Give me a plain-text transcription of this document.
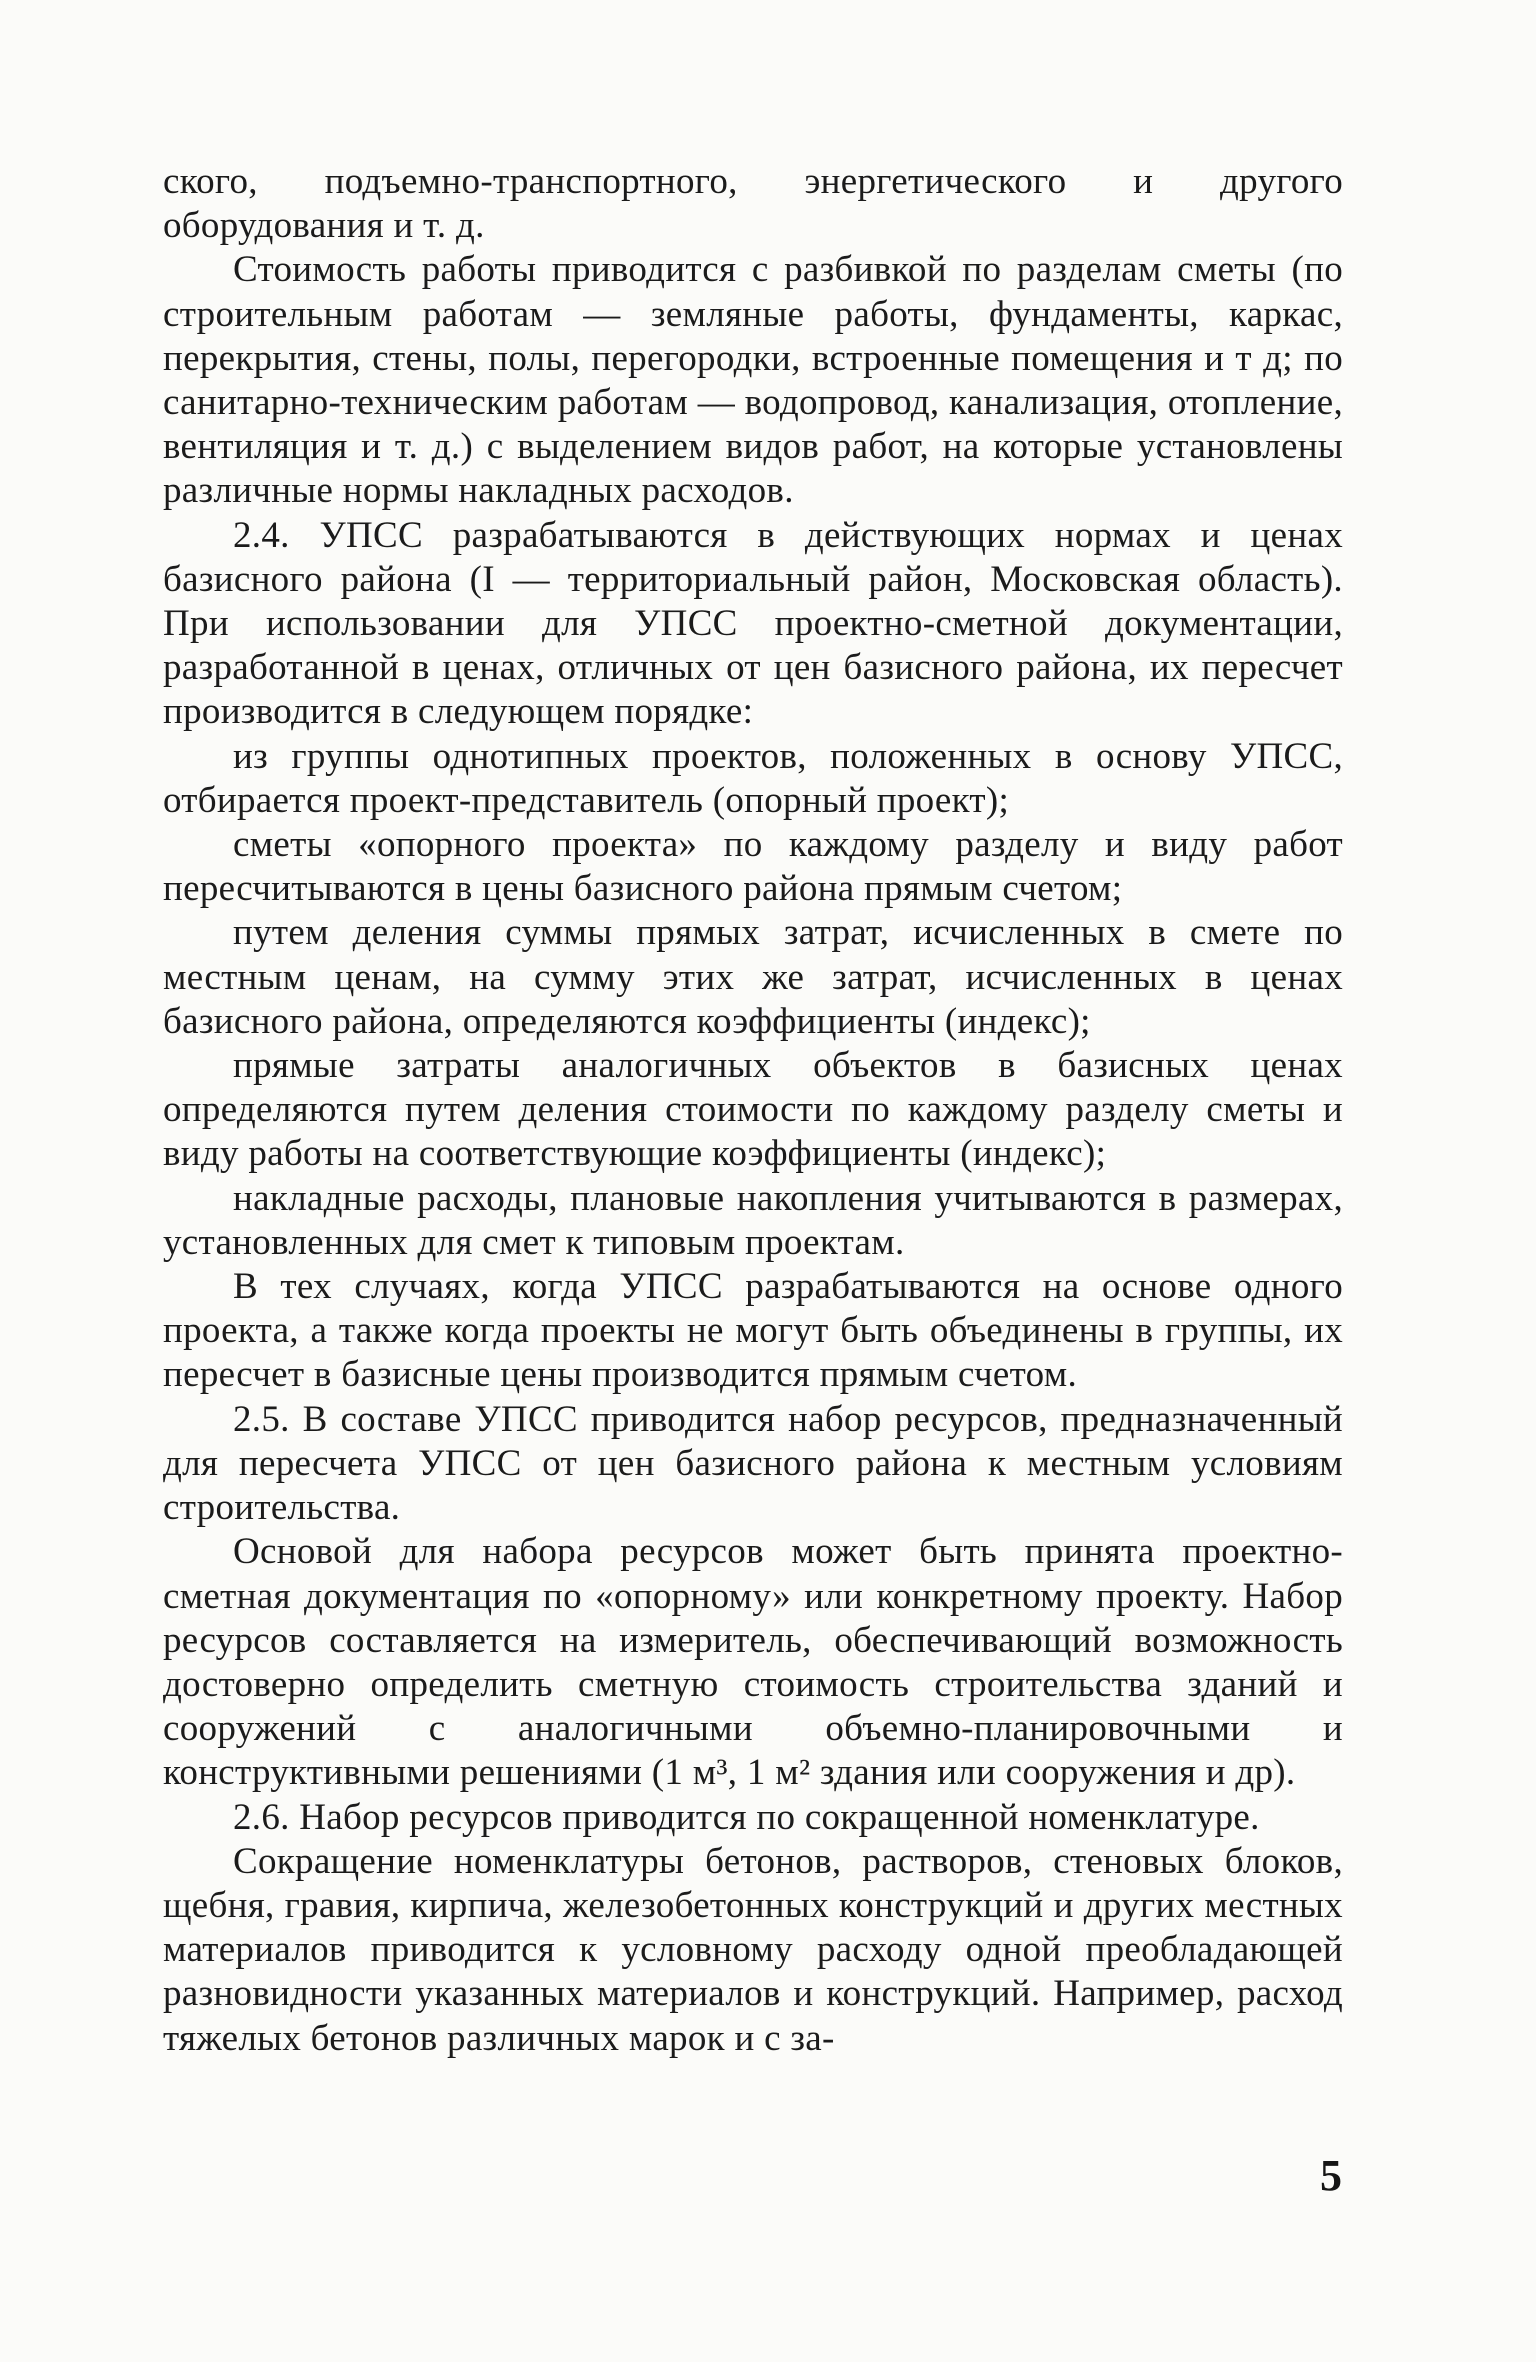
ского, подъемно-транспортного, энергетического и другого оборудования и т. д.

Стоимость работы приводится с разбивкой по разделам сметы (по строительным работам — земляные работы, фундаменты, каркас, перекрытия, стены, полы, перегородки, встроенные помещения и т д; по санитарно-техническим работам — водопровод, канализация, отопление, вентиляция и т. д.) с выделением видов работ, на которые установлены различные нормы накладных расходов.

2.4. УПСС разрабатываются в действующих нормах и ценах базисного района (I — территориальный район, Московская область). При использовании для УПСС проектно-сметной документации, разработанной в ценах, отличных от цен базисного района, их пересчет производится в следующем порядке:

из группы однотипных проектов, положенных в основу УПСС, отбирается проект-представитель (опорный проект);

сметы «опорного проекта» по каждому разделу и виду работ пересчитываются в цены базисного района прямым счетом;

путем деления суммы прямых затрат, исчисленных в смете по местным ценам, на сумму этих же затрат, исчисленных в ценах базисного района, определяются коэффициенты (индекс);

прямые затраты аналогичных объектов в базисных ценах определяются путем деления стоимости по каждому разделу сметы и виду работы на соответствующие коэффициенты (индекс);

накладные расходы, плановые накопления учитываются в размерах, установленных для смет к типовым проектам.

В тех случаях, когда УПСС разрабатываются на основе одного проекта, а также когда проекты не могут быть объединены в группы, их пересчет в базисные цены производится прямым счетом.

2.5. В составе УПСС приводится набор ресурсов, предназначенный для пересчета УПСС от цен базисного района к местным условиям строительства.

Основой для набора ресурсов может быть принята проектно-сметная документация по «опорному» или конкретному проекту. Набор ресурсов составляется на измеритель, обеспечивающий возможность достоверно определить сметную стоимость строительства зданий и сооружений с аналогичными объемно-планировочными и конструктивными решениями (1 м³, 1 м² здания или сооружения и др).

2.6. Набор ресурсов приводится по сокращенной номенклатуре.

Сокращение номенклатуры бетонов, растворов, стеновых блоков, щебня, гравия, кирпича, железобетонных конструкций и других местных материалов приводится к условному расходу одной преобладающей разновидности указанных материалов и конструкций. Например, расход тяжелых бетонов различных марок и с за-

5
